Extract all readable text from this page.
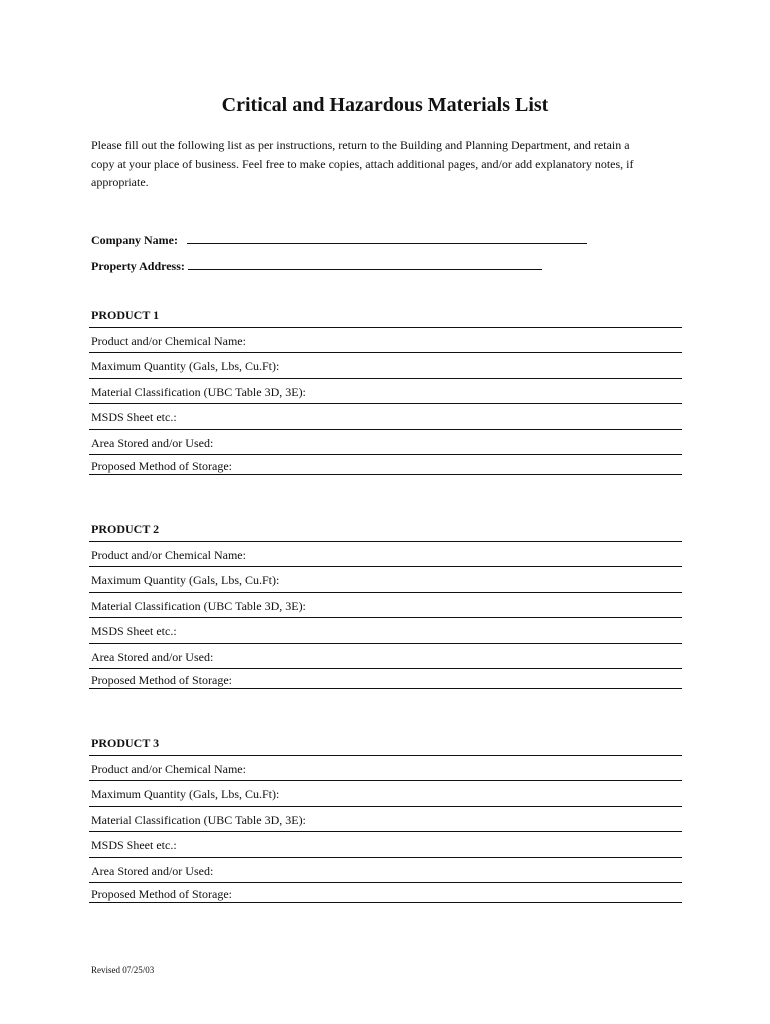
Critical and Hazardous Materials List

Please fill out the following list as per instructions, return to the Building and Planning Department, and retain a

copy at your place of business. Feel free to make copies, attach additional pages, and/or add explanatory notes, if

appropriate.

Company Name:
Property Address:
PRODUCT 1
Product and/or Chemical Name:
Maximum Quantity (Gals, Lbs, Cu.Ft):
Material Classification (UBC Table 3D, 3E):
MSDS Sheet etc.:
Area Stored and/or Used:
Proposed Method of Storage:
PRODUCT 2
Product and/or Chemical Name:
Maximum Quantity (Gals, Lbs, Cu.Ft):
Material Classification (UBC Table 3D, 3E):
MSDS Sheet etc.:
Area Stored and/or Used:
Proposed Method of Storage:
PRODUCT 3
Product and/or Chemical Name:
Maximum Quantity (Gals, Lbs, Cu.Ft):
Material Classification (UBC Table 3D, 3E):
MSDS Sheet etc.:
Area Stored and/or Used:
Proposed Method of Storage:
Revised 07/25/03
